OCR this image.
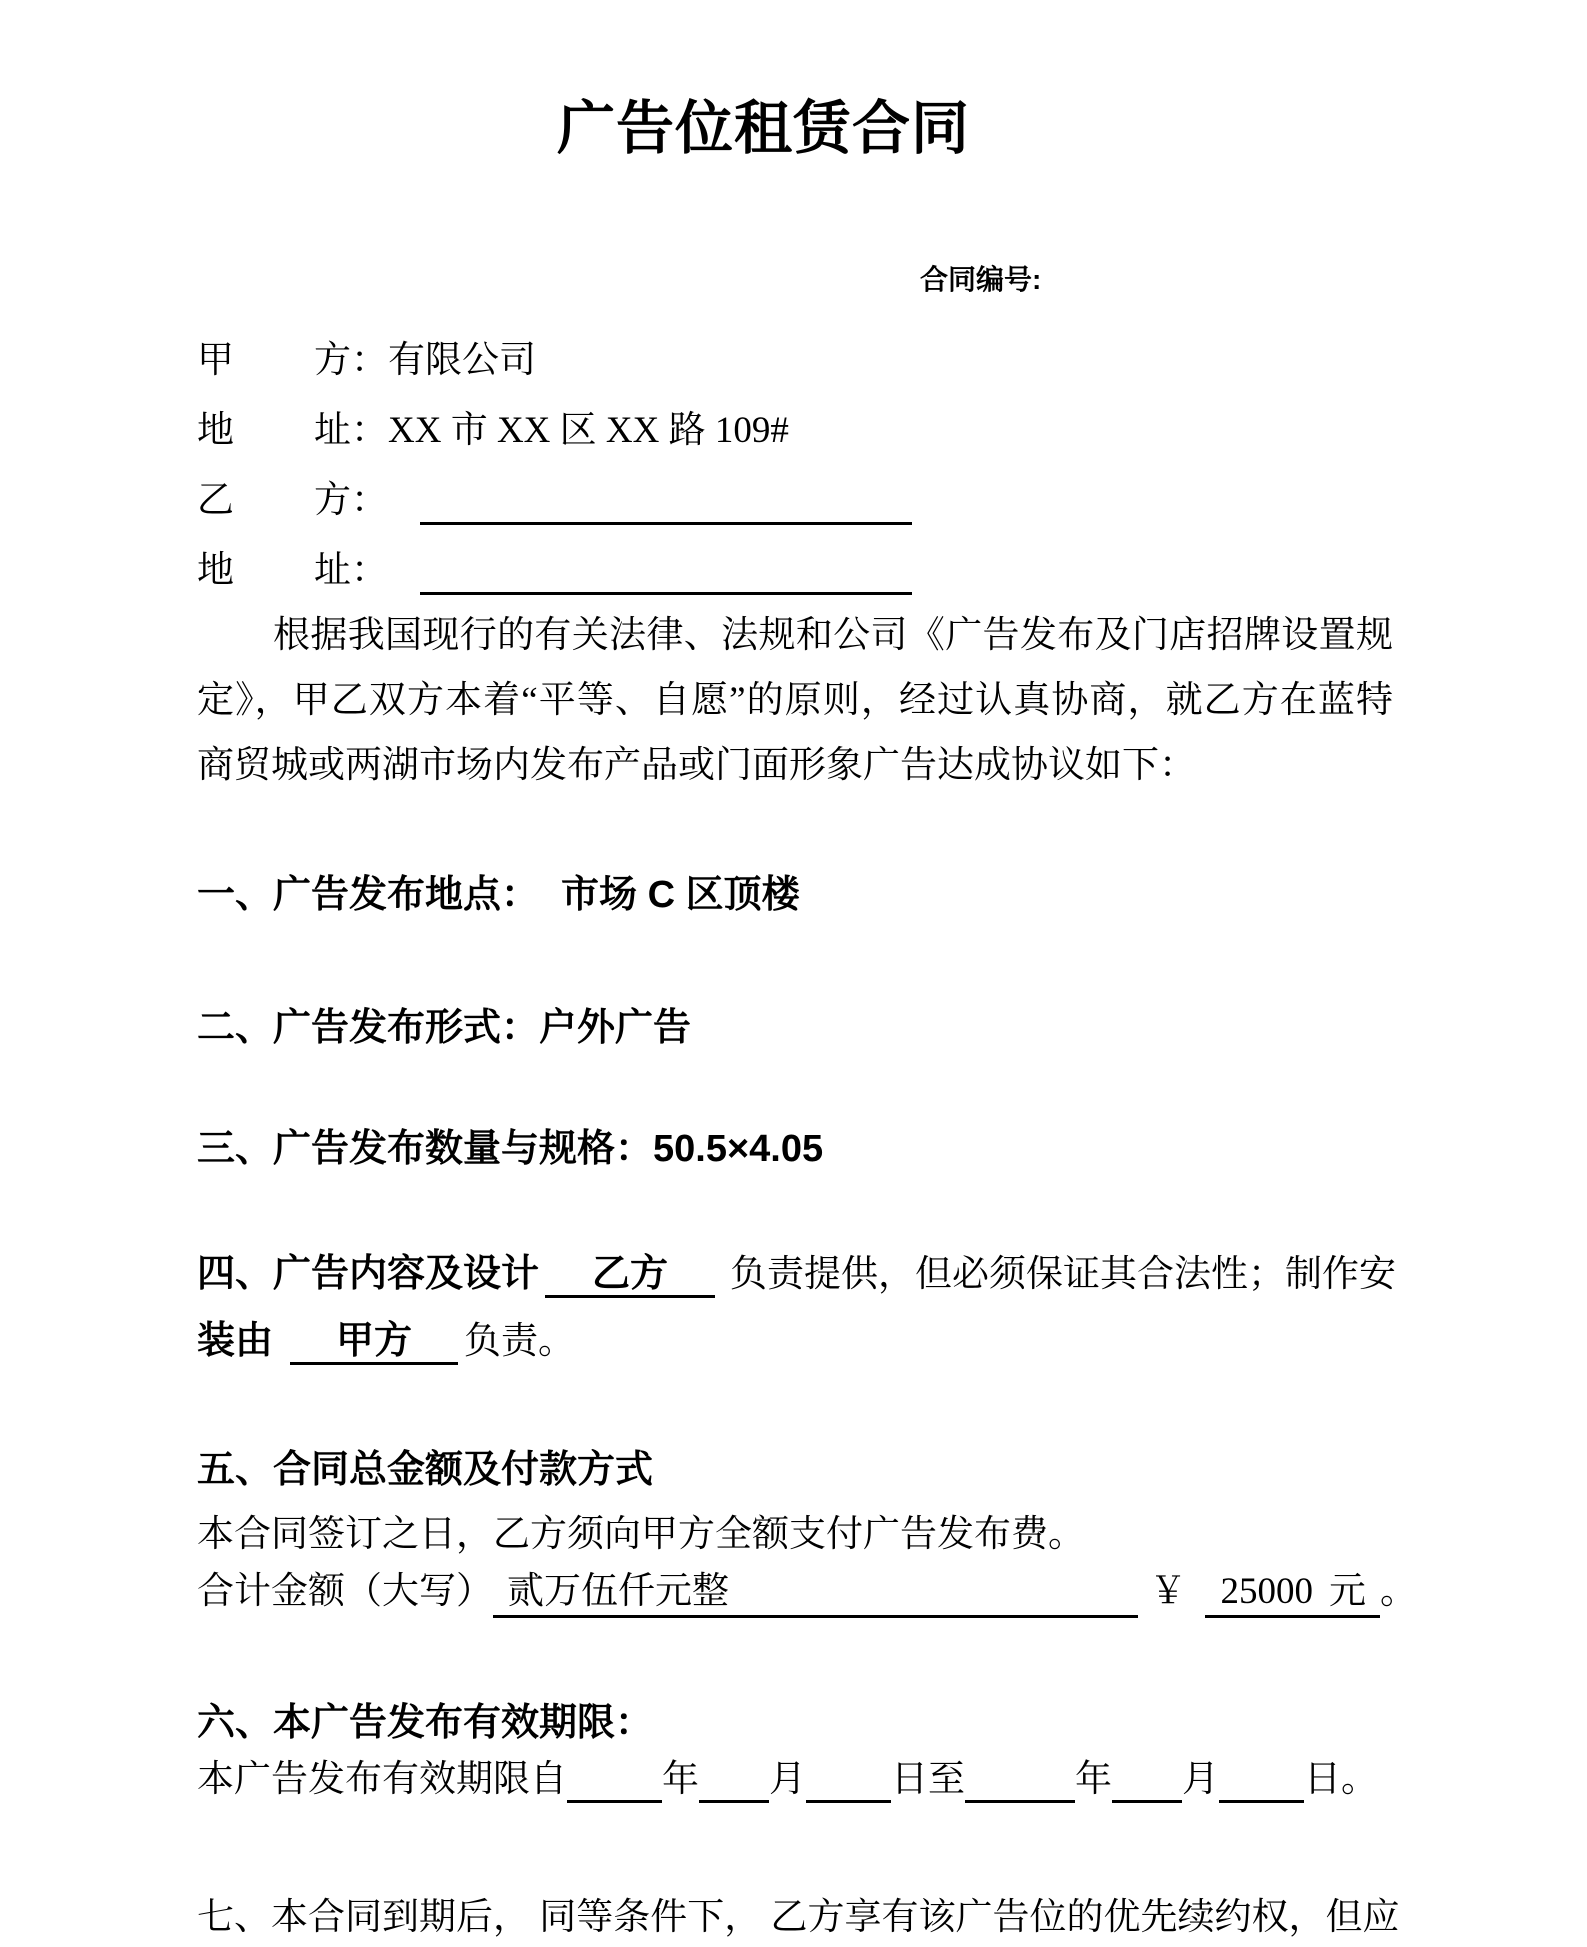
广告位租赁合同
合同编号:
甲 方：有限公司
地 址：XX 市 XX 区 XX 路 109#
乙 方：
地 址：
根据我国现行的有关法律、法规和公司《广告发布及门店招牌设置规定》，甲乙双方本着“平等、自愿”的原则，经过认真协商，就乙方在蓝特商贸城或两湖市场内发布产品或门面形象广告达成协议如下：
一、广告发布地点： 市场 C 区顶楼
二、广告发布形式：户外广告
三、广告发布数量与规格：50.5×4.05
四、广告内容及设计 乙方 负责提供，但必须保证其合法性；制作安
装由 甲方 负责。
五、合同总金额及付款方式
本合同签订之日，乙方须向甲方全额支付广告发布费。
合计金额（大写） 贰万伍仟元整	￥ 25000 元 。
六、本广告发布有效期限：
本广告发布有效期限自	年 月 日至	年 月 日。
七、本合同到期后， 同等条件下， 乙方享有该广告位的优先续约权，但应
